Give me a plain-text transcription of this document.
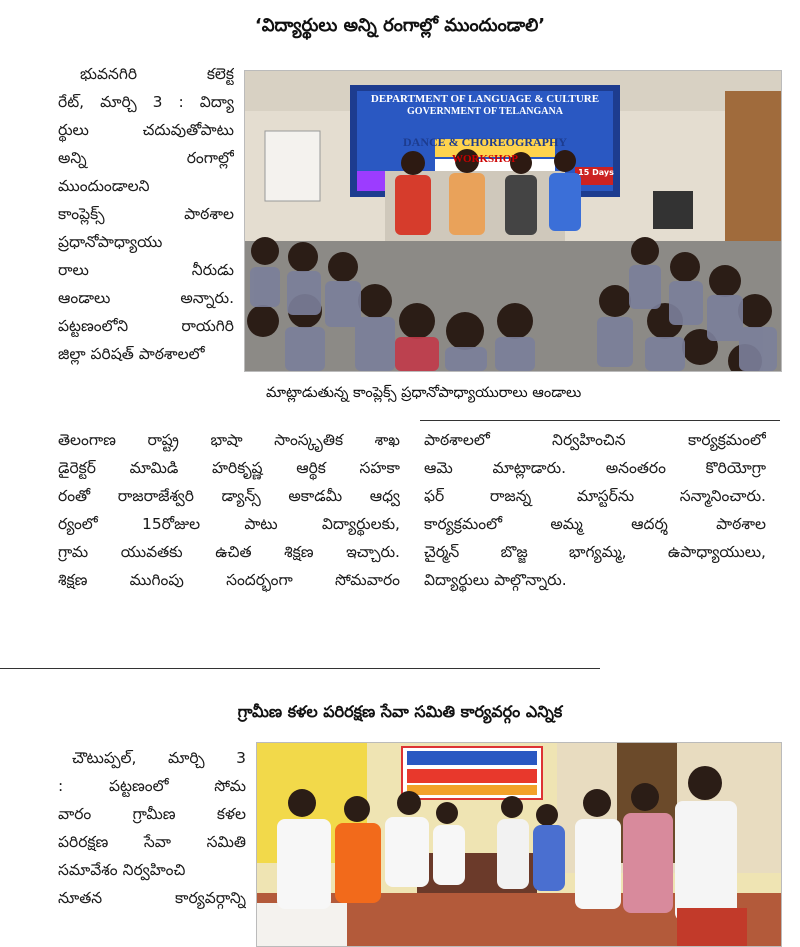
‘విద్యార్థులు అన్ని రంగాల్లో ముందుండాలి’
భువనగిరి కలెక్ట
రేట్, మార్చి 3 : విద్యా
ర్థులు చదువుతోపాటు
అన్ని రంగాల్లో
ముందుండాలని
కాంప్లెక్స్ పాఠశాల
ప్రధానోపాధ్యాయు
రాలు నీరుడు
ఆండాలు అన్నారు.
పట్టణంలోని రాయగిరి
జిల్లా పరిషత్ పాఠశాలలో
DEPARTMENT OF LANGUAGE & CULTURE
GOVERNMENT OF TELANGANA
DANCE & CHOREOGRAPHY
WORKSHOP
15 Days
మాట్లాడుతున్న కాంప్లెక్స్ ప్రధానోపాధ్యాయురాలు ఆండాలు
తెలంగాణ రాష్ట్ర భాషా సాంస్కృతిక శాఖ
డైరెక్టర్ మామిడి హరికృష్ణ ఆర్థిక సహకా
రంతో రాజరాజేశ్వరి డ్యాన్స్ అకాడమీ ఆధ్వ
ర్యంలో 15రోజుల పాటు విద్యార్థులకు,
గ్రామ యువతకు ఉచిత శిక్షణ ఇచ్చారు.
శిక్షణ ముగింపు సందర్భంగా సోమవారం
పాఠశాలలో నిర్వహించిన కార్యక్రమంలో
ఆమె మాట్లాడారు. అనంతరం కొరియోగ్రా
ఫర్ రాజన్న మాస్టర్‌ను సన్మానించారు.
కార్యక్రమంలో అమ్మ ఆదర్శ పాఠశాల
చైర్మన్ బొజ్జ భాగ్యమ్మ, ఉపాధ్యాయులు,
విద్యార్థులు పాల్గొన్నారు.
గ్రామీణ కళల పరిరక్షణ సేవా సమితి కార్యవర్గం ఎన్నిక
చౌటుప్పల్, మార్చి 3
: పట్టణంలో సోమ
వారం గ్రామీణ కళల
పరిరక్షణ సేవా సమితి
సమావేశం నిర్వహించి
నూతన కార్యవర్గాన్ని
